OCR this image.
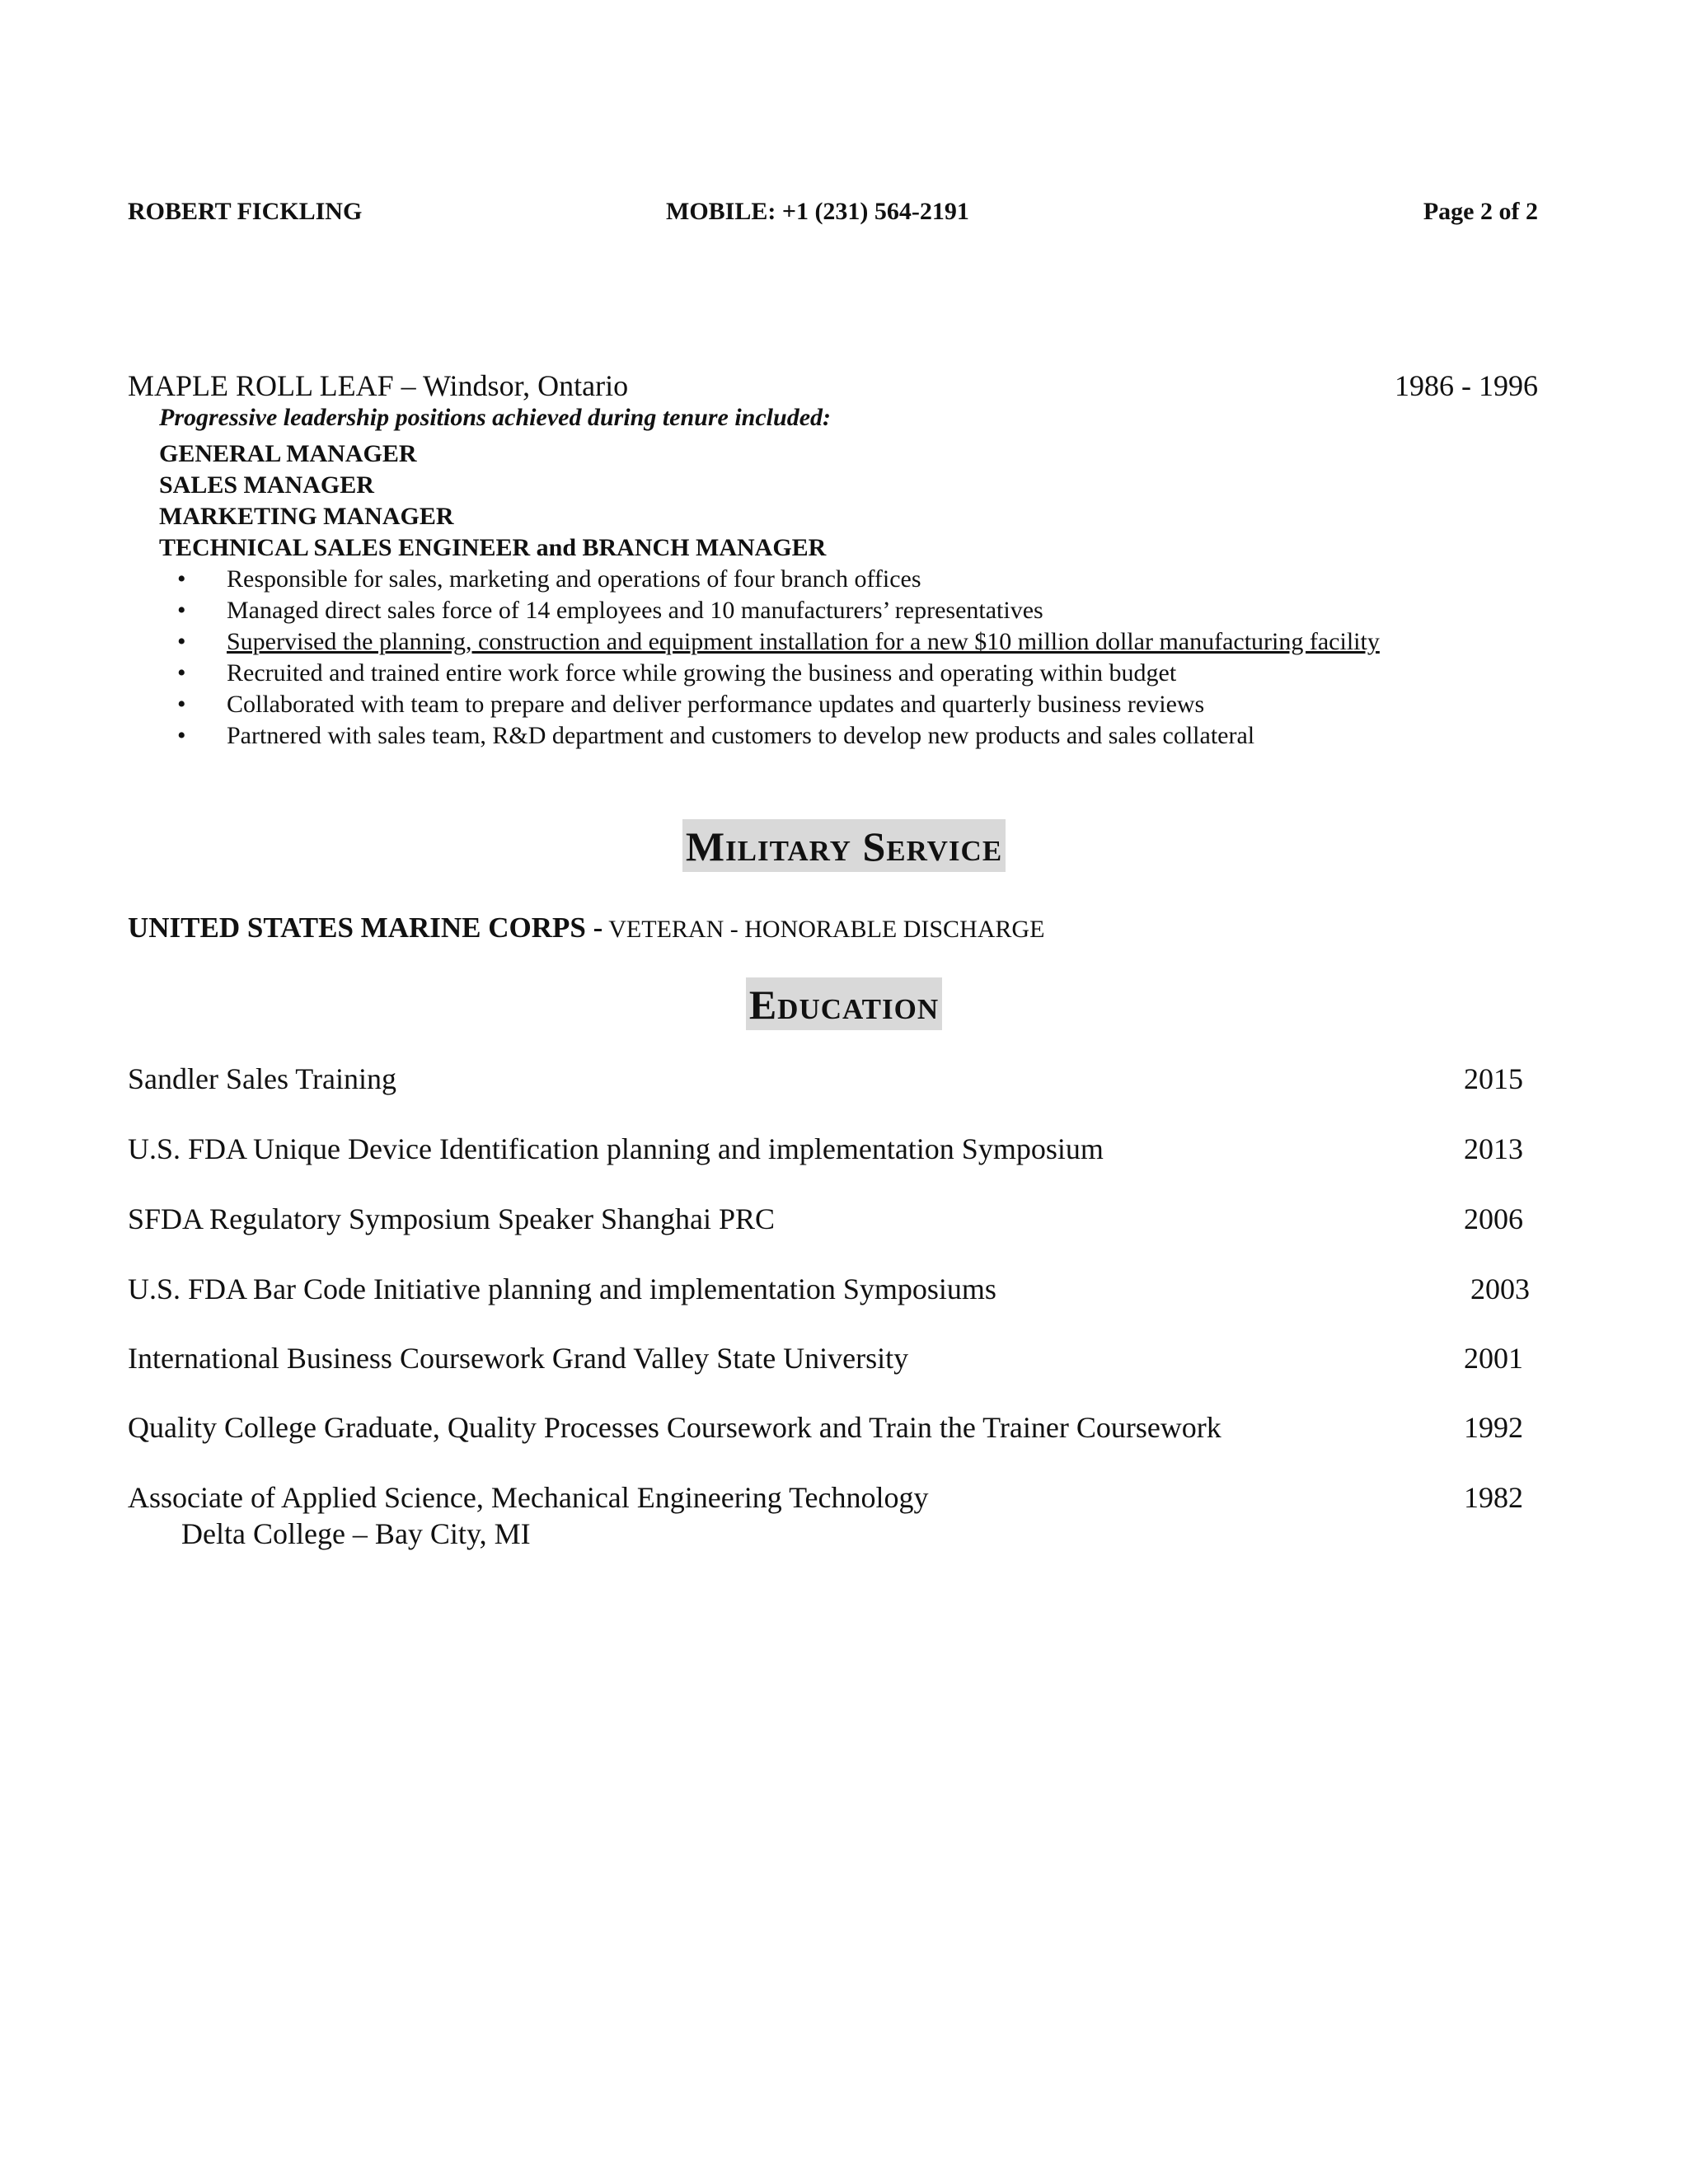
ROBERT FICKLING	MOBILE: +1 (231) 564-2191	Page 2 of 2
MAPLE ROLL LEAF – Windsor, Ontario	1986 - 1996
Progressive leadership positions achieved during tenure included:
GENERAL MANAGER
SALES MANAGER
MARKETING MANAGER
TECHNICAL SALES ENGINEER and BRANCH MANAGER
• Responsible for sales, marketing and operations of four branch offices
• Managed direct sales force of 14 employees and 10 manufacturers’ representatives
• Supervised the planning, construction and equipment installation for a new $10 million dollar manufacturing facility
• Recruited and trained entire work force while growing the business and operating within budget
• Collaborated with team to prepare and deliver performance updates and quarterly business reviews
• Partnered with sales team, R&D department and customers to develop new products and sales collateral
Military Service
UNITED STATES MARINE CORPS - VETERAN - HONORABLE DISCHARGE
Education
Sandler Sales Training	2015
U.S. FDA Unique Device Identification planning and implementation Symposium	2013
SFDA Regulatory Symposium Speaker Shanghai PRC	2006
U.S. FDA Bar Code Initiative planning and implementation Symposiums	2003
International Business Coursework Grand Valley State University	2001
Quality College Graduate, Quality Processes Coursework and Train the Trainer Coursework	1992
Associate of Applied Science, Mechanical Engineering Technology	1982
Delta College – Bay City, MI
